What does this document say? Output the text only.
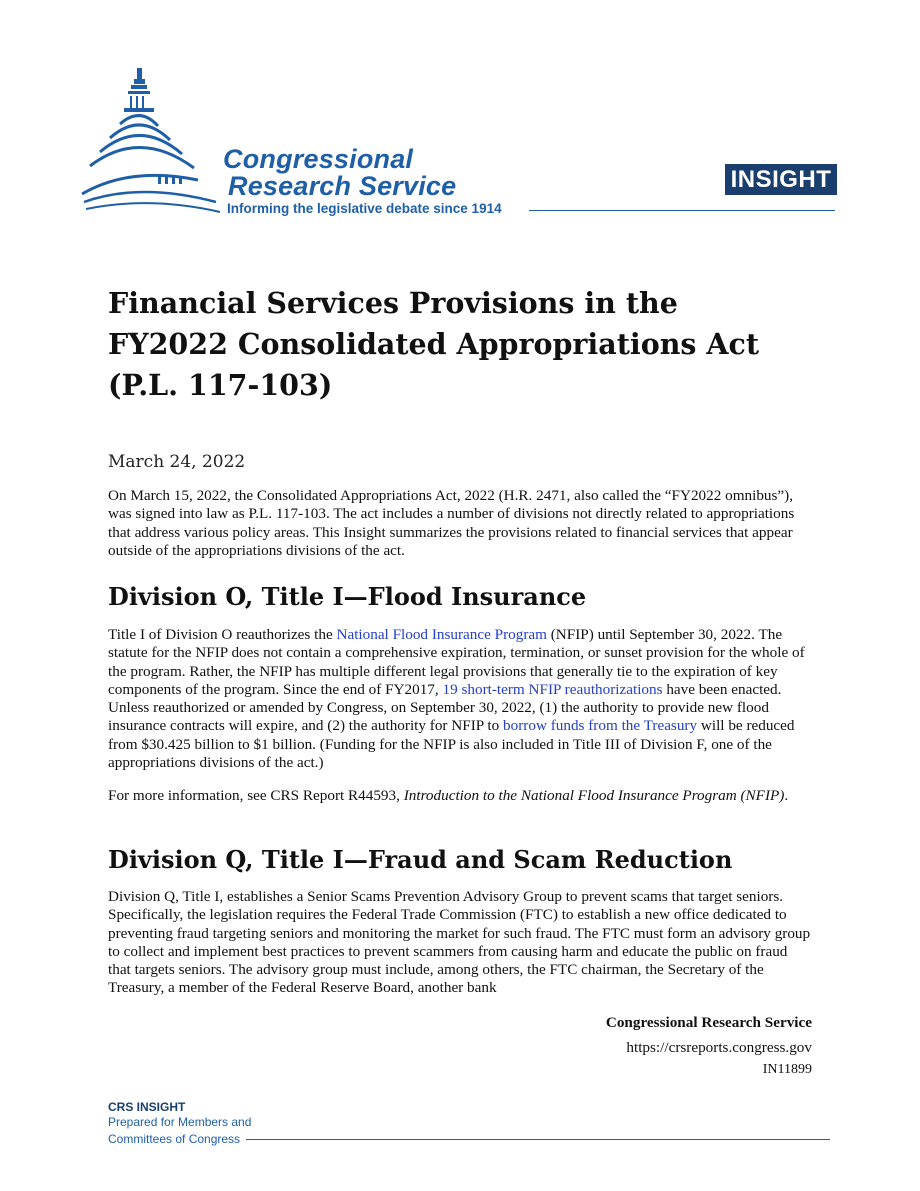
Congressional
Research Service
Informing the legislative debate since 1914
INSIGHT
Financial Services Provisions in the FY2022 Consolidated Appropriations Act (P.L. 117-103)
March 24, 2022

On March 15, 2022, the Consolidated Appropriations Act, 2022 (H.R. 2471, also called the “FY2022 omnibus”), was signed into law as P.L. 117-103. The act includes a number of divisions not directly related to appropriations that address various policy areas. This Insight summarizes the provisions related to financial services that appear outside of the appropriations divisions of the act.

Division O, Title I—Flood Insurance

Title I of Division O reauthorizes the National Flood Insurance Program (NFIP) until September 30, 2022. The statute for the NFIP does not contain a comprehensive expiration, termination, or sunset provision for the whole of the program. Rather, the NFIP has multiple different legal provisions that generally tie to the expiration of key components of the program. Since the end of FY2017, 19 short-term NFIP reauthorizations have been enacted. Unless reauthorized or amended by Congress, on September 30, 2022, (1) the authority to provide new flood insurance contracts will expire, and (2) the authority for NFIP to borrow funds from the Treasury will be reduced from $30.425 billion to $1 billion. (Funding for the NFIP is also included in Title III of Division F, one of the appropriations divisions of the act.)

For more information, see CRS Report R44593, Introduction to the National Flood Insurance Program (NFIP).

Division Q, Title I—Fraud and Scam Reduction

Division Q, Title I, establishes a Senior Scams Prevention Advisory Group to prevent scams that target seniors. Specifically, the legislation requires the Federal Trade Commission (FTC) to establish a new office dedicated to preventing fraud targeting seniors and monitoring the market for such fraud. The FTC must form an advisory group to collect and implement best practices to prevent scammers from causing harm and educate the public on fraud that targets seniors. The advisory group must include, among others, the FTC chairman, the Secretary of the Treasury, a member of the Federal Reserve Board, another bank

Congressional Research Service
https://crsreports.congress.gov
IN11899
CRS INSIGHT
Prepared for Members and
Committees of Congress
